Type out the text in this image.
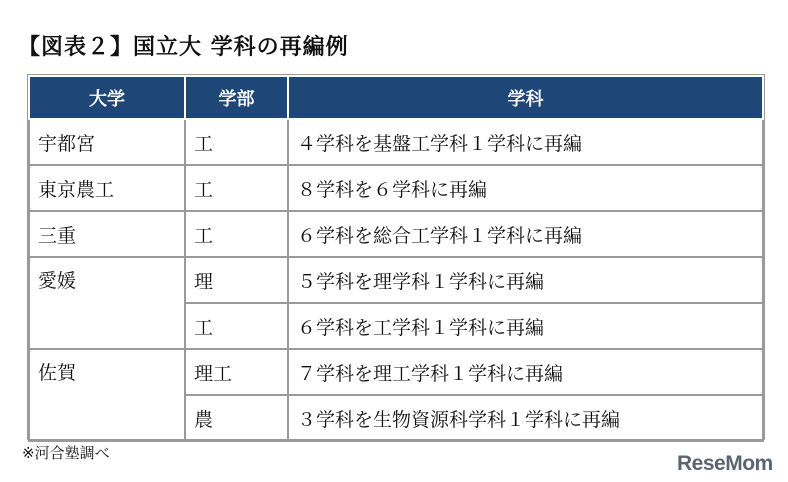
【図表２】国立大 学科の再編例
大学	学部	学科
宇都宮	工	４学科を基盤工学科１学科に再編
東京農工	工	８学科を６学科に再編
三重	工	６学科を総合工学科１学科に再編
愛媛	理	５学科を理学科１学科に再編
	工	６学科を工学科１学科に再編
佐賀	理工	７学科を理工学科１学科に再編
	農	３学科を生物資源科学科１学科に再編
※河合塾調べ	ReseMom
